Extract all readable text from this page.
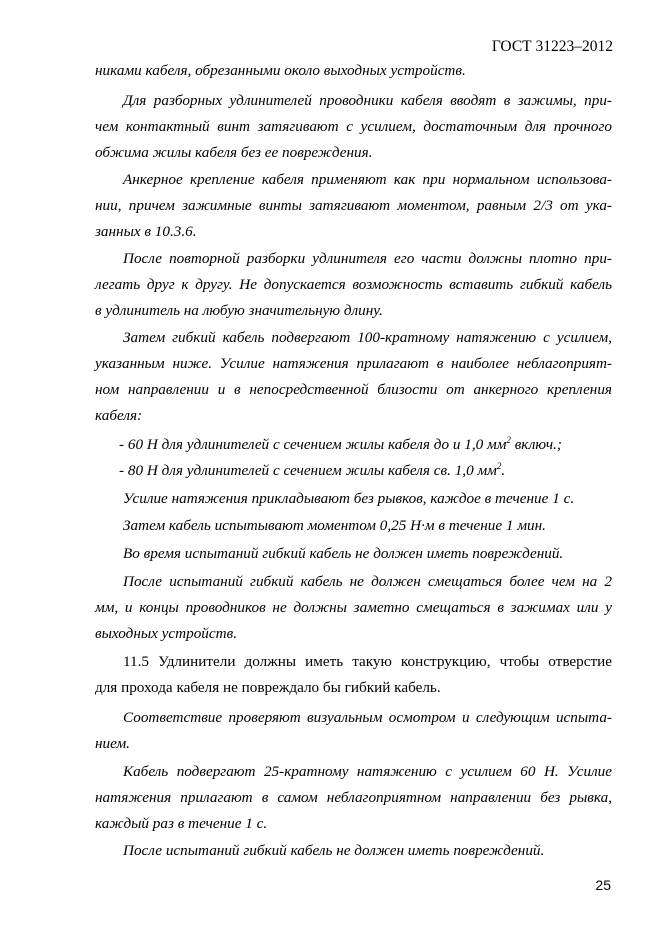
ГОСТ 31223–2012
никами кабеля, обрезанными около выходных устройств.
Для разборных удлинителей проводники кабеля вводят в зажимы, при-
чем контактный винт затягивают с усилием, достаточным для прочного
обжима жилы кабеля без ее повреждения.
Анкерное крепление кабеля применяют как при нормальном использова-
нии, причем зажимные винты затягивают моментом, равным 2/3 от ука-
занных в 10.3.6.
После повторной разборки удлинителя его части должны плотно при-
легать друг к другу. Не допускается возможность вставить гибкий кабель
в удлинитель на любую значительную длину.
Затем гибкий кабель подвергают 100-кратному натяжению с усилием,
указанным ниже. Усилие натяжения прилагают в наиболее неблагоприят-
ном направлении и в непосредственной близости от анкерного крепления
кабеля:
- 60 Н для удлинителей с сечением жилы кабеля до и 1,0 $мм^2$ включ.;
- 80 Н для удлинителей с сечением жилы кабеля св. 1,0 $мм^2$.
Усилие натяжения прикладывают без рывков, каждое в течение 1 с.
Затем кабель испытывают моментом 0,25 Н·м в течение 1 мин.
Во время испытаний гибкий кабель не должен иметь повреждений.
После испытаний гибкий кабель не должен смещаться более чем на 2
мм, и концы проводников не должны заметно смещаться в зажимах или у
выходных устройств.
11.5 Удлинители должны иметь такую конструкцию, чтобы отверстие
для прохода кабеля не повреждало бы гибкий кабель.
Соответствие проверяют визуальным осмотром и следующим испыта-
нием.
Кабель подвергают 25-кратному натяжению с усилием 60 Н. Усилие
натяжения прилагают в самом неблагоприятном направлении без рывка,
каждый раз в течение 1 с.
После испытаний гибкий кабель не должен иметь повреждений.
25
